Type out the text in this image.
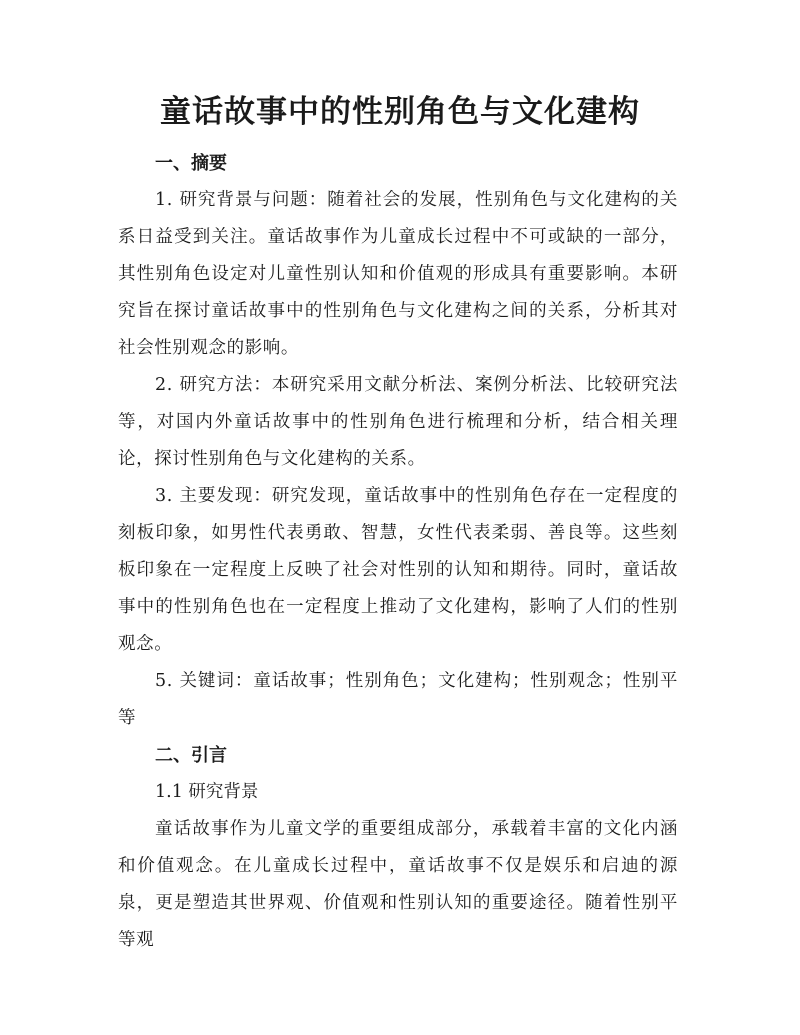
童话故事中的性别角色与文化建构

一、摘要

1. 研究背景与问题：随着社会的发展，性别角色与文化建构的关系日益受到关注。童话故事作为儿童成长过程中不可或缺的一部分，其性别角色设定对儿童性别认知和价值观的形成具有重要影响。本研究旨在探讨童话故事中的性别角色与文化建构之间的关系，分析其对社会性别观念的影响。

2. 研究方法：本研究采用文献分析法、案例分析法、比较研究法等，对国内外童话故事中的性别角色进行梳理和分析，结合相关理论，探讨性别角色与文化建构的关系。

3. 主要发现：研究发现，童话故事中的性别角色存在一定程度的刻板印象，如男性代表勇敢、智慧，女性代表柔弱、善良等。这些刻板印象在一定程度上反映了社会对性别的认知和期待。同时，童话故事中的性别角色也在一定程度上推动了文化建构，影响了人们的性别观念。

5. 关键词：童话故事；性别角色；文化建构；性别观念；性别平等

二、引言

1.1 研究背景

童话故事作为儿童文学的重要组成部分，承载着丰富的文化内涵和价值观念。在儿童成长过程中，童话故事不仅是娱乐和启迪的源泉，更是塑造其世界观、价值观和性别认知的重要途径。随着性别平等观
